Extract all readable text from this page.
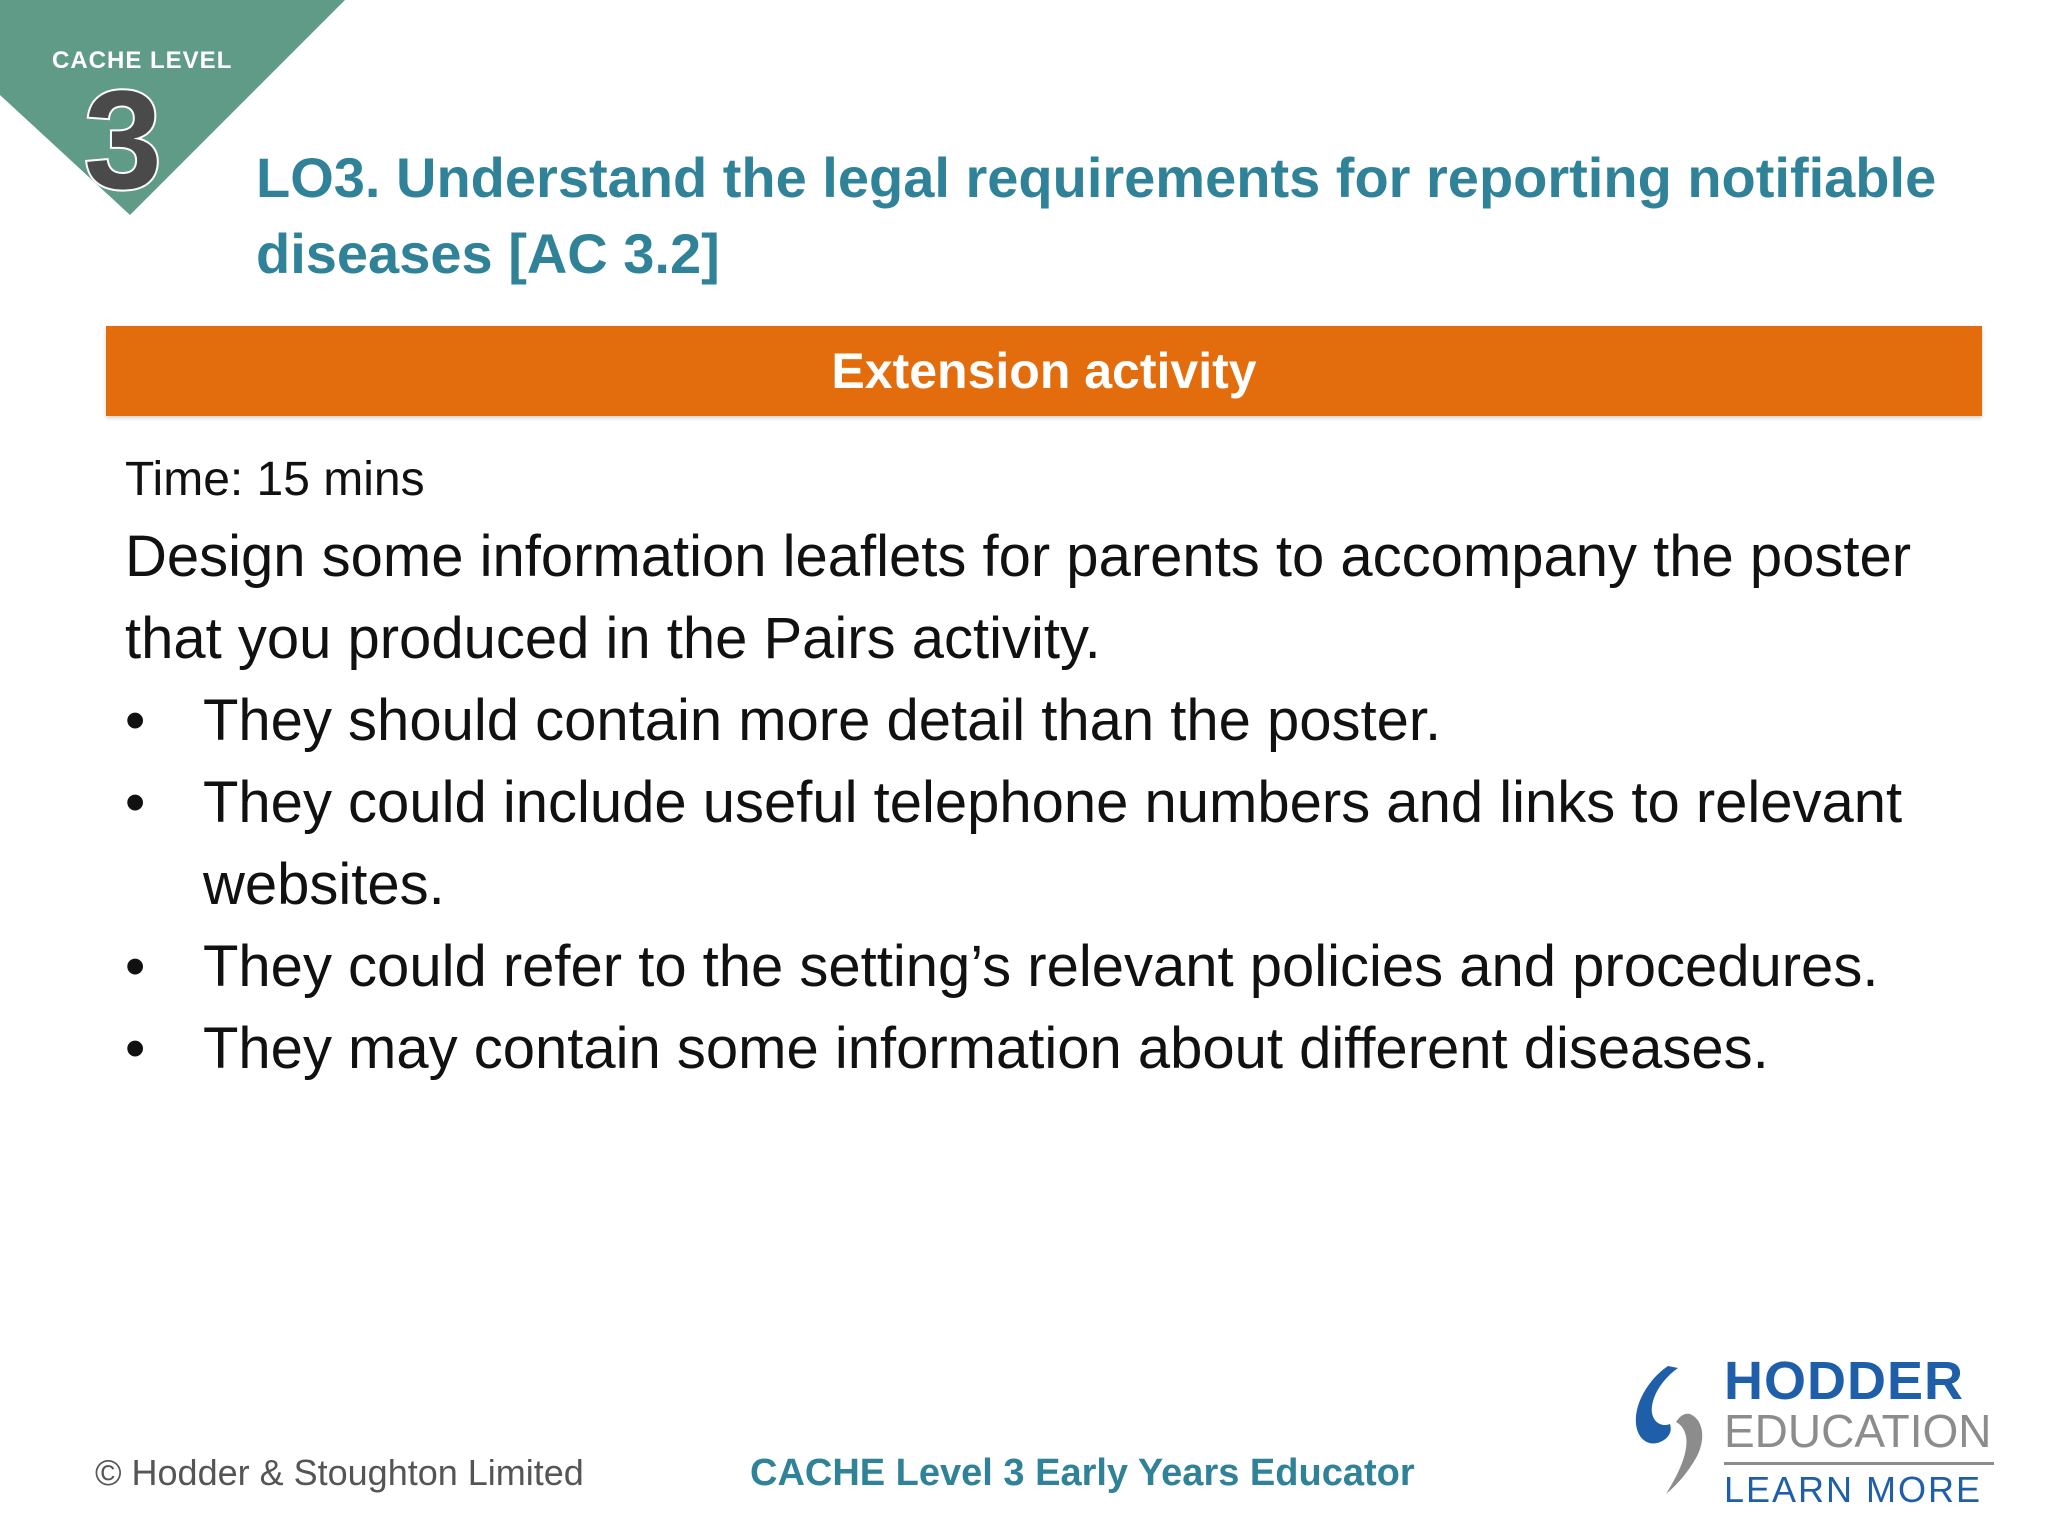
CACHE LEVEL
3 LO3. Understand the legal requirements for reporting notifiable
diseases [AC 3.2]
Extension activity
Time: 15 mins

Design some information leaflets for parents to accompany the poster that you produced in the Pairs activity.

• They should contain more detail than the poster.
• They could include useful telephone numbers and links to relevant websites.
• They could refer to the setting’s relevant policies and procedures.
• They may contain some information about different diseases.
© Hodder & Stoughton Limited	CACHE Level 3 Early Years Educator
HODDER
EDUCATION
LEARN MORE
